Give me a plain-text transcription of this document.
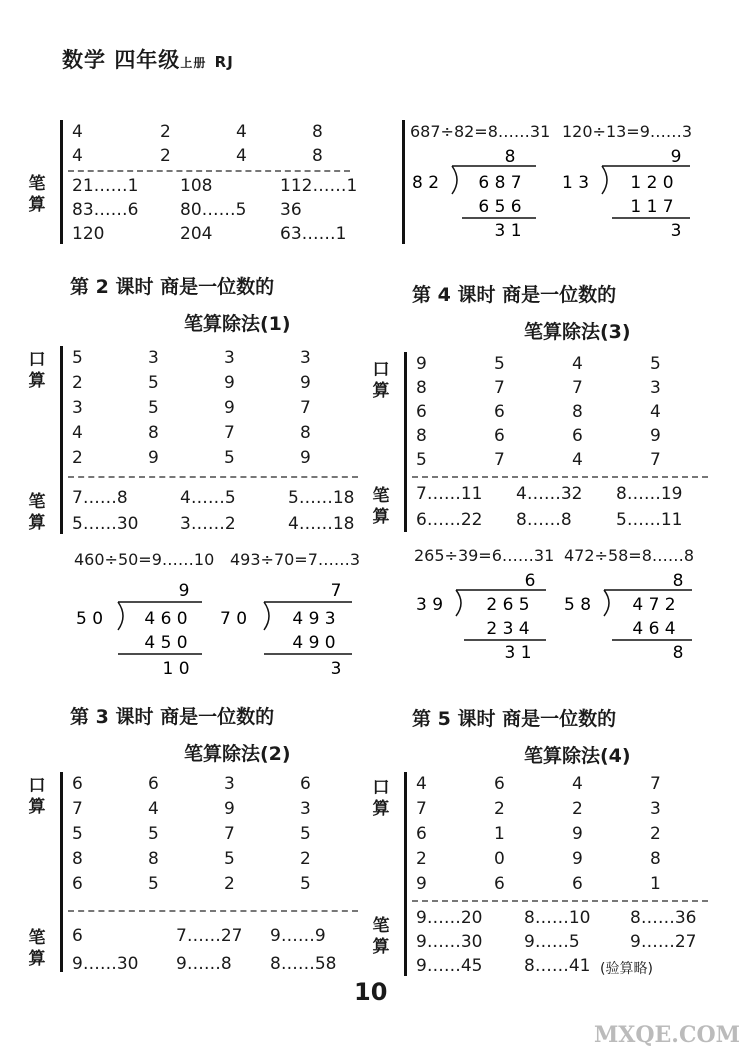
数学 四年级上册 RJ
笔算
4	2	4	8
4	2	4	8
21……1 108	112……1
83……6 80……5 36
120	204	63……1
687÷82=8……31 120÷13=9……3
8
8 2 6 8 7
6 5 6
3 1
9
1 3 1 2 0
1 1 7
3
第 2 课时 商是一位数的
笔算除法(1)
口算
笔算
5	3	3	3
2	5	9	9
3	5	9	7
4	8	7	8
2	9	5	9
7……8	4……5	5……18
5……30 3……2	4……18
460÷50=9……10 493÷70=7……3
9
5 0 4 6 0
4 5 0
1 0
7
7 0	4 9 3
4 9 0
3
第 3 课时 商是一位数的
笔算除法(2)
口算
笔算
6	6	3	6
7	4	9	3
5	5	7	5
8	8	5	2
6	5	2	5
6	7……27 9……9
9……30 9……8 8……58
第 4 课时 商是一位数的
笔算除法(3)
口算
笔算
9	5	4	5
8	7	7	3
6	6	8	4
8	6	6	9
5	7	4	7
7……11 4……32 8……19
6……22 8……8	5……11
265÷39=6……31 472÷58=8……8
6
3 9	2 6 5
2 3 4
3 1
8
5 8 4 7 2
4 6 4
8
第 5 课时 商是一位数的
笔算除法(4)
口算
笔算
4	6	4	7
7	2	2	3
6	1	9	2
2	0	9	8
9	6	6	1
9……20 8……10 8……36
9……30 9……5	9……27
9……45 8……41 (验算略)
10
MXQE.COM
